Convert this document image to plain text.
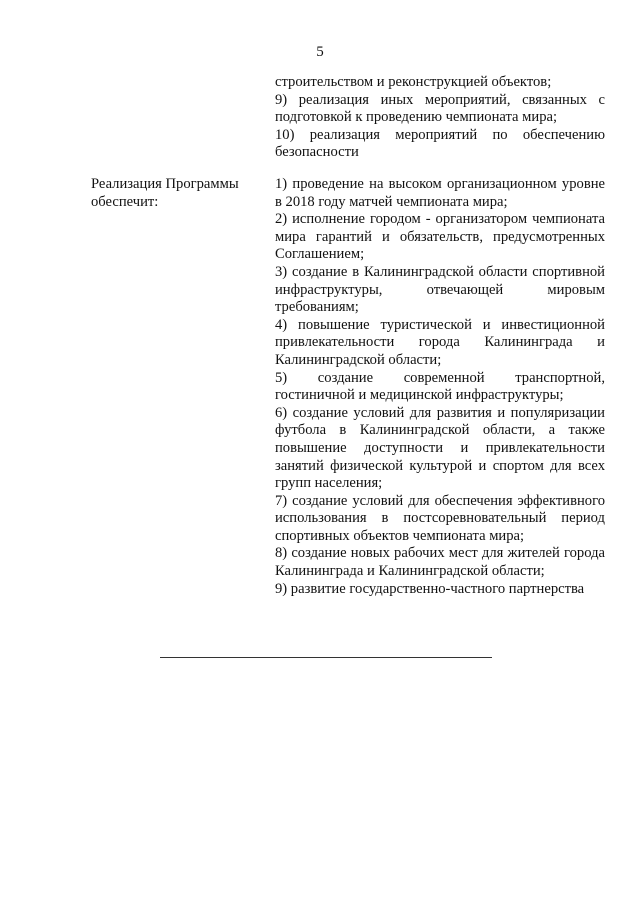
5

строительством и реконструкцией объектов;

9) реализация иных мероприятий, связанных с подготовкой к проведению чемпионата мира;

10) реализация мероприятий по обеспечению безопасности

Реализация Программы обеспечит:

1) проведение на высоком организационном уровне в 2018 году матчей чемпионата мира;

2) исполнение городом - организатором чемпионата мира гарантий и обязательств, предусмотренных Соглашением;

3) создание в Калининградской области спортивной инфраструктуры, отвечающей мировым требованиям;

4) повышение туристической и инвестиционной привлекательности города Калининграда и Калининградской области;

5) создание современной транспортной, гостиничной и медицинской инфраструктуры;

6) создание условий для развития и популяризации футбола в Калининградской области, а также повышение доступности и привлекательности занятий физической культурой и спортом для всех групп населения;

7) создание условий для обеспечения эффективного использования в постсоревновательный период спортивных объектов чемпионата мира;

8) создание новых рабочих мест для жителей города Калининграда и Калининградской области;

9) развитие государственно-частного партнерства
